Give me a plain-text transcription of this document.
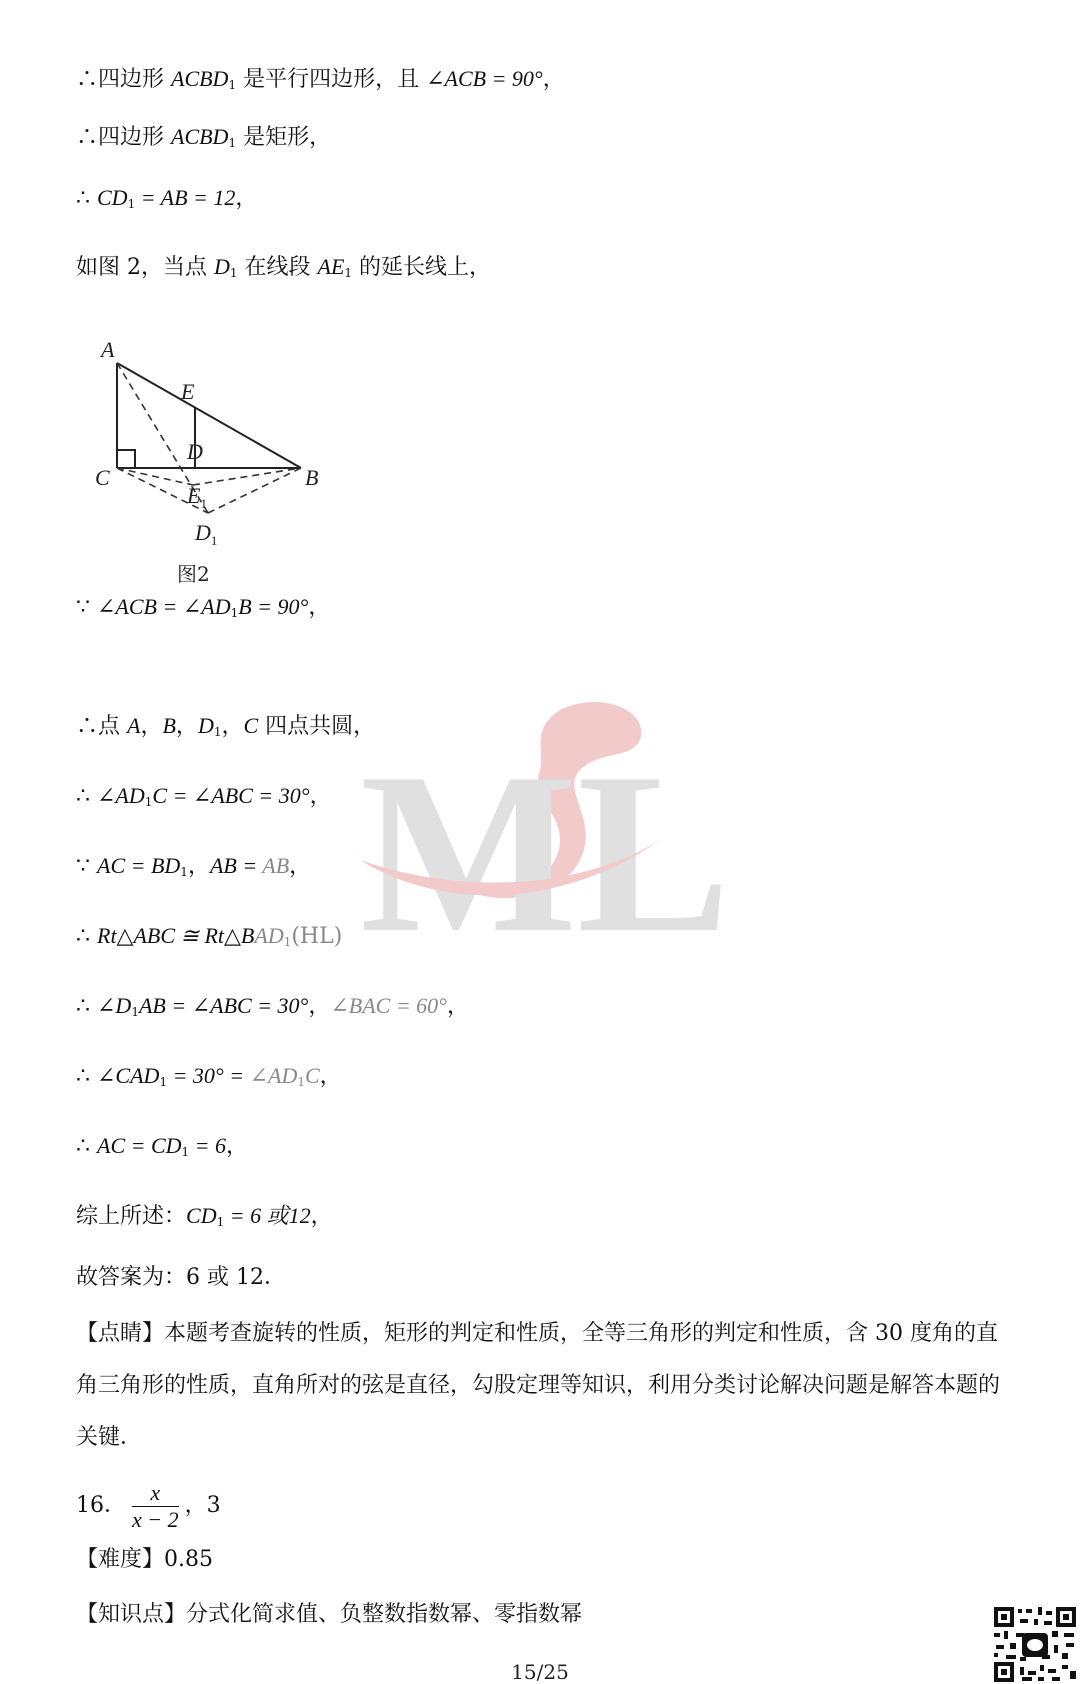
∴四边形 $ACBD_1$ 是平行四边形，且 ∠ACB = 90°，
∴四边形 $ACBD_1$ 是矩形，
∴ $CD_1$ = AB = 12，
如图 2，当点 $D_1$ 在线段 $AE_1$ 的延长线上，
A
E
D
C	B
$E_1$
$D_1$
图2
ML
∵ ∠ACB = $\angle AD_1B = 90^\circ$，
∴点 A，B，$D_1$，C 四点共圆，
∴ $\angle AD_1C$ = ∠ABC = 30°，
∵ AC = $BD_1$，AB = AB，
∴ Rt△ABC ≅ $Rt\triangle BAD_1(HL)$
∴ $\angle D_1AB$ = ∠ABC = 30°，∠BAC = 60°，
∴ $\angle CAD_1 = 30^\circ$ = $\angle AD_1C$，
∴ AC = $CD_1 = 6$，
综上所述：$CD_1 = 6$ 或12，
故答案为：6 或 12．
【点睛】本题考查旋转的性质，矩形的判定和性质，全等三角形的判定和性质，含 30 度角的直角三角形的性质，直角所对的弦是直径，勾股定理等知识，利用分类讨论解决问题是解答本题的关键．
16． $\frac{x}{x - 2}$ ，3
【难度】0.85
【知识点】分式化简求值、负整数指数幂、零指数幂
15/25
